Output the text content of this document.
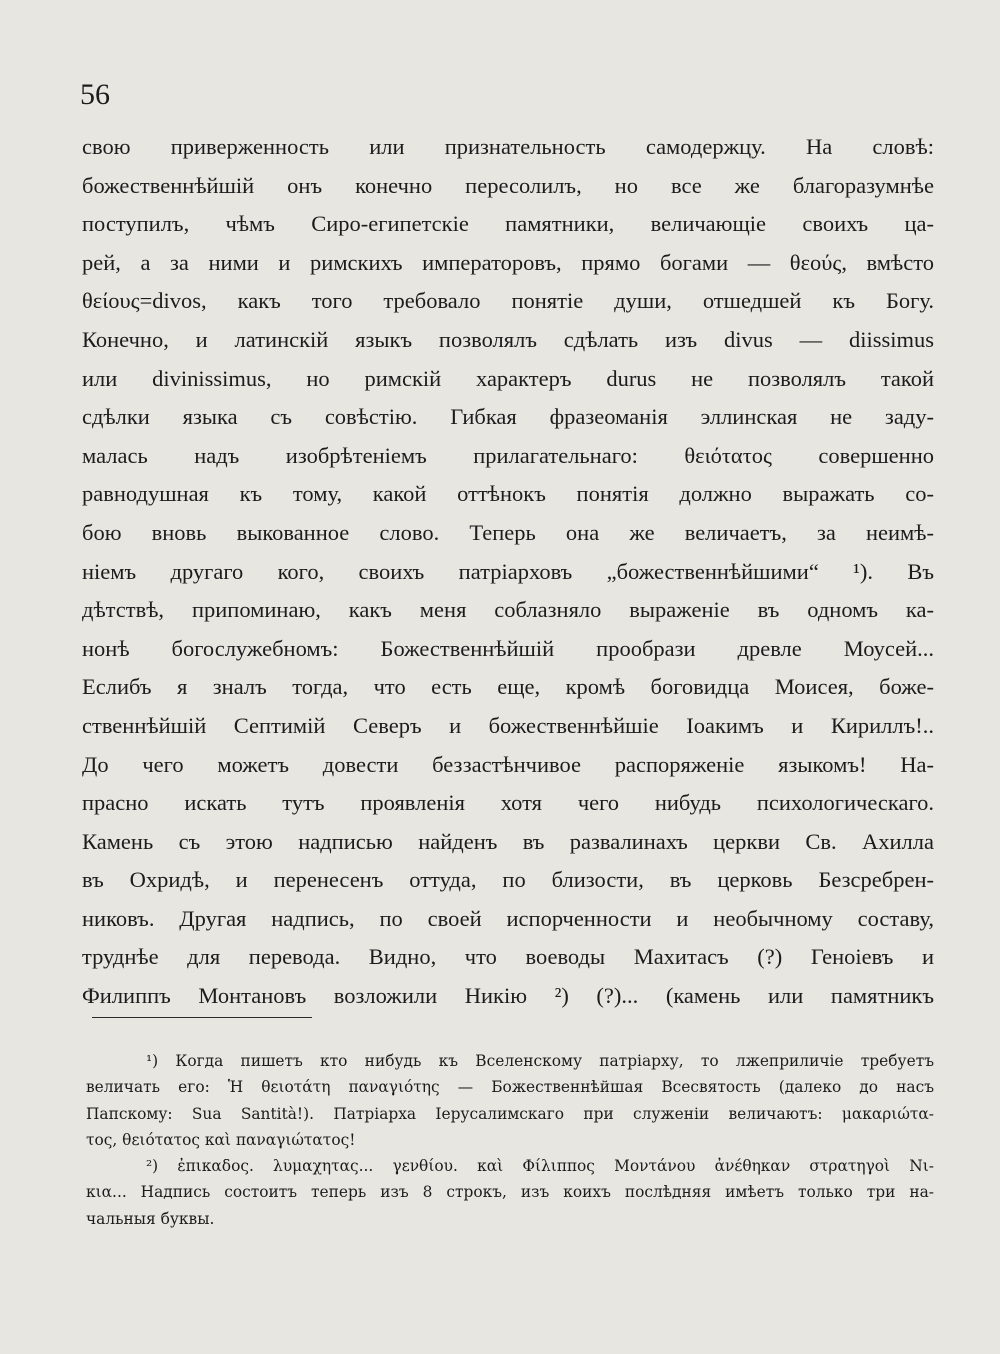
56
свою приверженность или признательность самодержцу. На словѣ:
божественнѣйшій онъ конечно пересолилъ, но все же благоразумнѣе
поступилъ, чѣмъ Сиро-египетскіе памятники, величающіе своихъ ца-
рей, а за ними и римскихъ императоровъ, прямо богами — θεούς, вмѣсто
θείους=divos, какъ того требовало понятіе души, отшедшей къ Богу.
Конечно, и латинскій языкъ позволялъ сдѣлать изъ divus — diissimus
или divinissimus, но римскій характеръ durus не позволялъ такой
сдѣлки языка съ совѣстію. Гибкая фразеоманія эллинская не заду-
малась надъ изобрѣтеніемъ прилагательнаго: θειότατος совершенно
равнодушная къ тому, какой оттѣнокъ понятія должно выражать со-
бою вновь выкованное слово. Теперь она же величаетъ, за неимѣ-
ніемъ другаго кого, своихъ патріарховъ „божественнѣйшими“ ¹). Въ
дѣтствѣ, припоминаю, какъ меня соблазняло выраженіе въ одномъ ка-
нонѣ богослужебномъ: Божественнѣйшій прообрази древле Моусей...
Еслибъ я зналъ тогда, что есть еще, кромѣ боговидца Моисея, боже-
ственнѣйшій Септимій Северъ и божественнѣйшіе Іоакимъ и Кириллъ!..
До чего можетъ довести беззастѣнчивое распоряженіе языкомъ! На-
прасно искать тутъ проявленія хотя чего нибудь психологическаго.
Камень съ этою надписью найденъ въ развалинахъ церкви Св. Ахилла
въ Охридѣ, и перенесенъ оттуда, по близости, въ церковь Безсребрен-
никовъ. Другая надпись, по своей испорченности и необычному составу,
труднѣе для перевода. Видно, что воеводы Махитасъ (?) Геноіевъ и
Филиппъ Монтановъ возложили Никію ²) (?)... (камень или памятникъ
¹) Когда пишетъ кто нибудь къ Вселенскому патріарху, то лжеприличіе требуетъ
величать его: Ἡ θειοτάτη παναγιότης — Божественнѣйшая Всесвятость (далеко до насъ
Папскому: Sua Santità!). Патріарха Іерусалимскаго при служеніи величаютъ: μακαριώτα-
τος, θειότατος καὶ παναγιώτατος!
²) ἐπικαδος. λυμαχητας... γενθίου. καὶ Φίλιππος Μοντάνου ἀνέθηκαν στρατηγοὶ Νι-
κια... Надпись состоитъ теперь изъ 8 строкъ, изъ коихъ послѣдняя имѣетъ только три на-
чальныя буквы.
